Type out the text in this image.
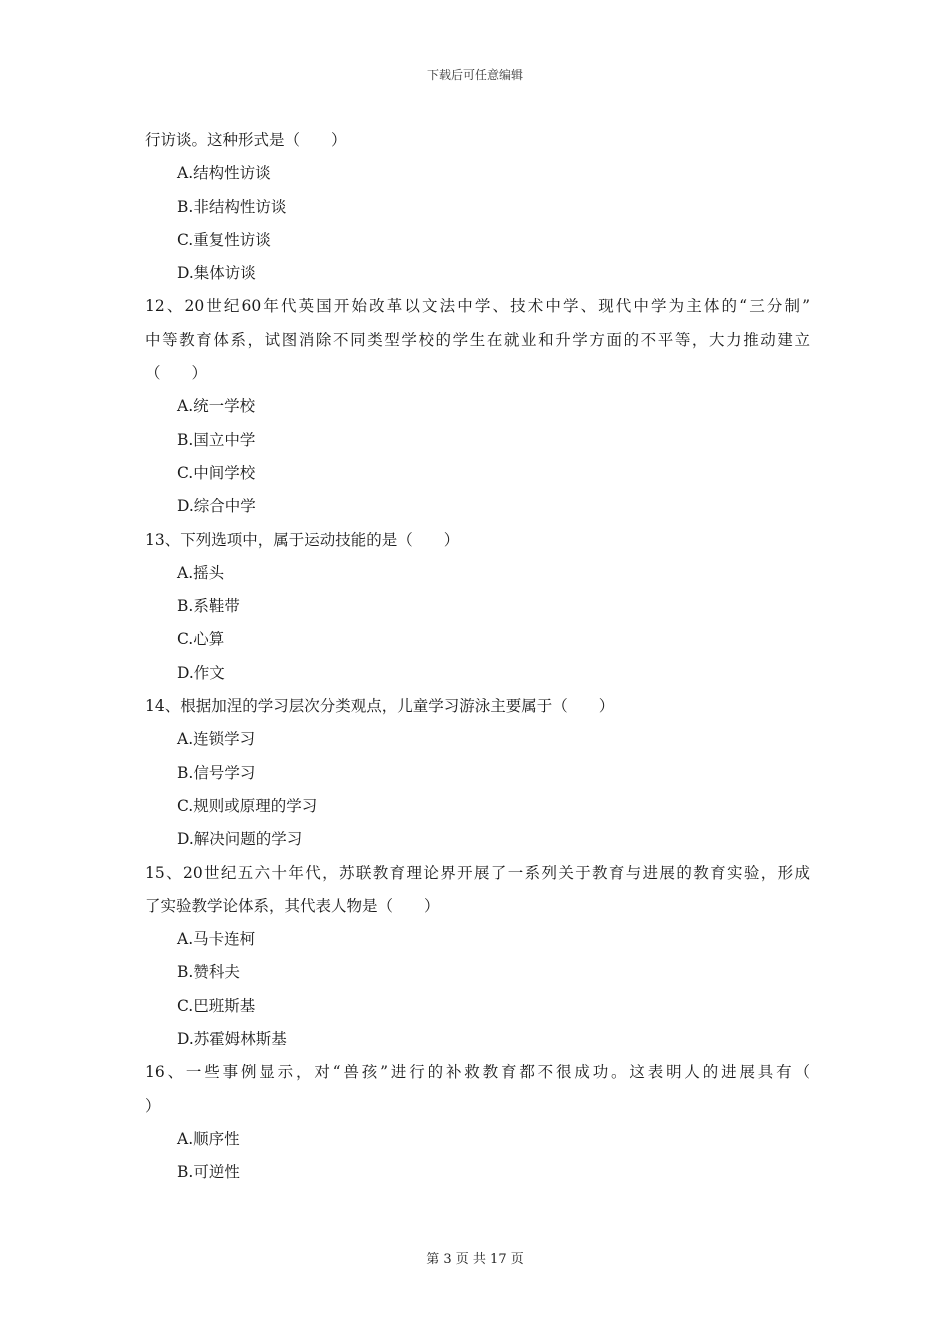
下载后可任意编辑
行访谈。这种形式是（　　）
A.结构性访谈
B.非结构性访谈
C.重复性访谈
D.集体访谈
12、20世纪60年代英国开始改革以文法中学、技术中学、现代中学为主体的“三分制”
中等教育体系，试图消除不同类型学校的学生在就业和升学方面的不平等，大力推动建立
（　　）
A.统一学校
B.国立中学
C.中间学校
D.综合中学
13、下列选项中，属于运动技能的是（　　）
A.摇头
B.系鞋带
C.心算
D.作文
14、根据加涅的学习层次分类观点，儿童学习游泳主要属于（　　）
A.连锁学习
B.信号学习
C.规则或原理的学习
D.解决问题的学习
15、20世纪五六十年代，苏联教育理论界开展了一系列关于教育与进展的教育实验，形成
了实验教学论体系，其代表人物是（　　）
A.马卡连柯
B.赞科夫
C.巴班斯基
D.苏霍姆林斯基
16、一些事例显示，对“兽孩”进行的补救教育都不很成功。这表明人的进展具有（
）
A.顺序性
B.可逆性
第 3 页 共 17 页
